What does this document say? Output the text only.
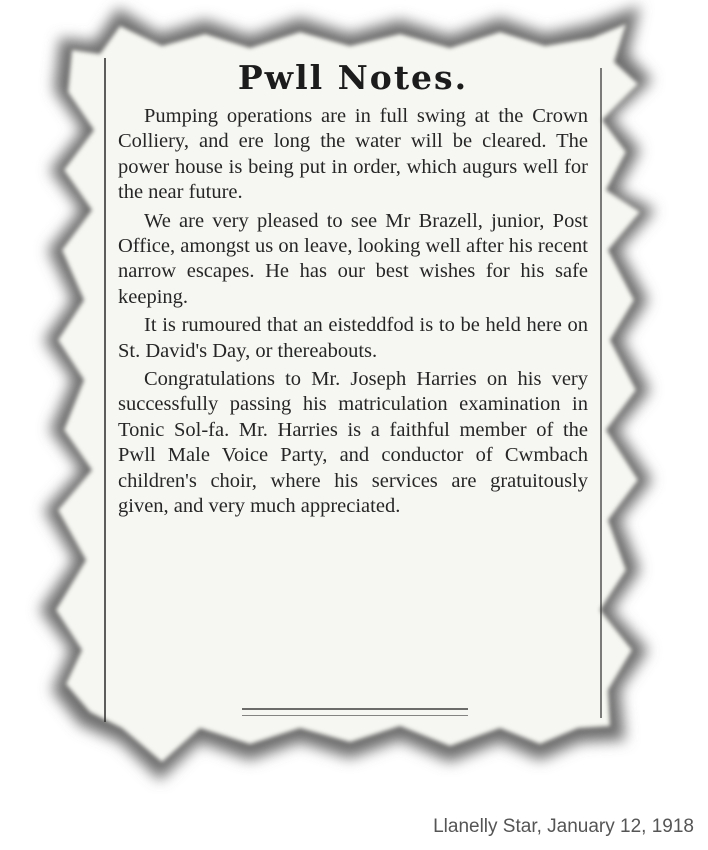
Pwll Notes.

Pumping operations are in full swing at the Crown Colliery, and ere long the water will be cleared. The power house is being put in order, which augurs well for the near future.

We are very pleased to see Mr Brazell, junior, Post Office, amongst us on leave, looking well after his recent narrow escapes. He has our best wishes for his safe keeping.

It is rumoured that an eisteddfod is to be held here on St. David's Day, or thereabouts.

Congratulations to Mr. Joseph Harries on his very successfully passing his matriculation examination in Tonic Sol-fa. Mr. Harries is a faithful member of the Pwll Male Voice Party, and conductor of Cwmbach children's choir, where his services are gratuitously given, and very much appreciated.

Llanelly Star, January 12, 1918
